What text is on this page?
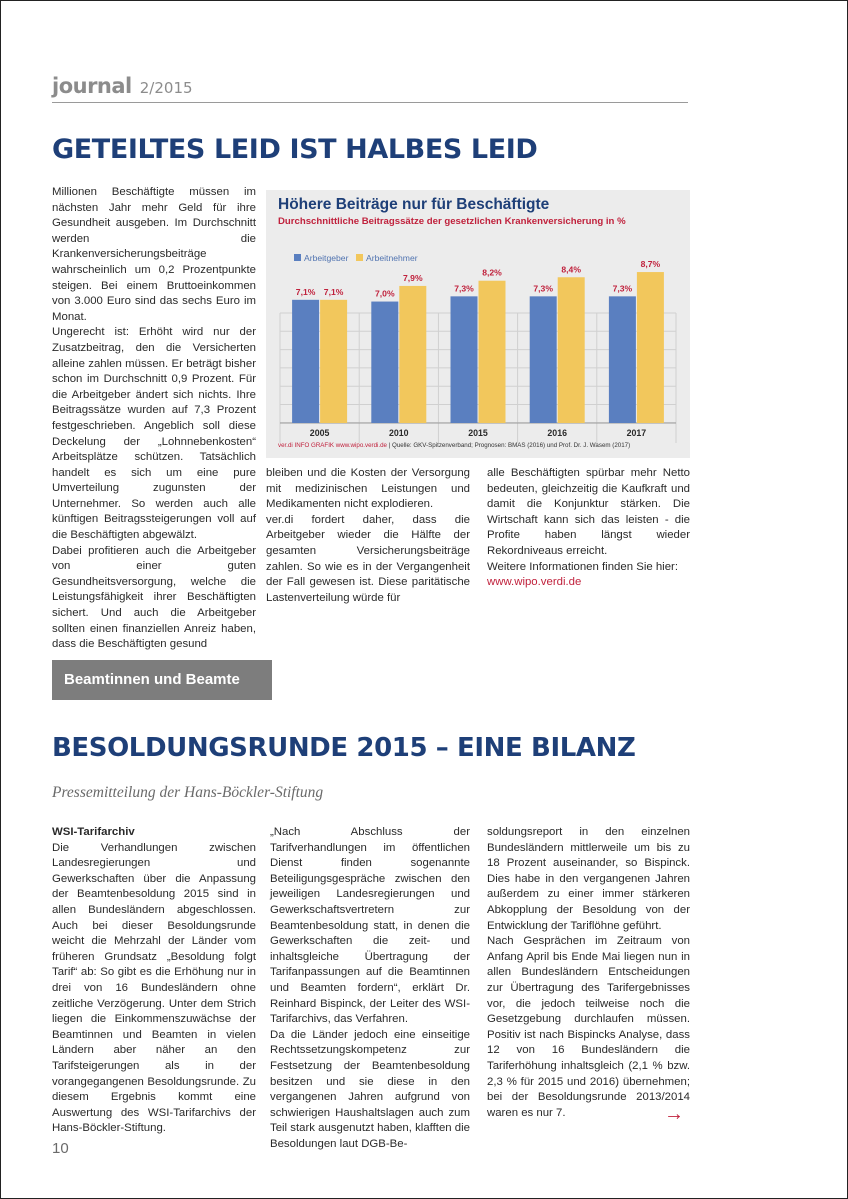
journal 2/2015
GETEILTES LEID IST HALBES LEID

Millionen Beschäftigte müssen im nächsten Jahr mehr Geld für ihre Gesundheit ausgeben. Im Durchschnitt werden die Krankenversicherungsbeiträge wahrscheinlich um 0,2 Prozentpunkte steigen. Bei einem Bruttoeinkommen von 3.000 Euro sind das sechs Euro im Monat.

Ungerecht ist: Erhöht wird nur der Zusatzbeitrag, den die Versicherten alleine zahlen müssen. Er beträgt bisher schon im Durchschnitt 0,9 Prozent. Für die Arbeitgeber ändert sich nichts. Ihre Beitragssätze wurden auf 7,3 Prozent festgeschrieben. Angeblich soll diese Deckelung der „Lohnnebenkosten“ Arbeitsplätze schützen. Tatsächlich handelt es sich um eine pure Umverteilung zugunsten der Unternehmer. So werden auch alle künftigen Beitragssteigerungen voll auf die Beschäftigten abgewälzt.

Dabei profitieren auch die Arbeitgeber von einer guten Gesundheitsversorgung, welche die Leistungsfähigkeit ihrer Beschäftigten sichert. Und auch die Arbeitgeber sollten einen finanziellen Anreiz haben, dass die Beschäftigten gesund

Höhere Beiträge nur für Beschäftigte
Durchschnittliche Beitragssätze der gesetzlichen Krankenversicherung in %
Arbeitgeber	Arbeitnehmer
7,1% 7,1%
2005
7,0%
7,9%
2010
7,3%
8,2%
2015
7,3%
8,4%
2016
7,3%
8,7%
2017
ver.di INFO GRAFIK www.wipo.verdi.de | Quelle: GKV-Spitzenverband; Prognosen: BMAS (2016) und Prof. Dr. J. Wasem (2017)

bleiben und die Kosten der Versorgung mit medizinischen Leistungen und Medikamenten nicht explodieren.

ver.di fordert daher, dass die Arbeitgeber wieder die Hälfte der gesamten Versicherungsbeiträge zahlen. So wie es in der Vergangenheit der Fall gewesen ist. Diese paritätische Lastenverteilung würde für

alle Beschäftigten spürbar mehr Netto bedeuten, gleichzeitig die Kaufkraft und damit die Konjunktur stärken. Die Wirtschaft kann sich das leisten - die Profite haben längst wieder Rekordniveaus erreicht.

Weitere Informationen finden Sie hier:

www.wipo.verdi.de

Beamtinnen und Beamte
BESOLDUNGSRUNDE 2015 – EINE BILANZ
Pressemitteilung der Hans-Böckler-Stiftung

WSI-Tarifarchiv

Die Verhandlungen zwischen Landesregierungen und Gewerkschaften über die Anpassung der Beamtenbesoldung 2015 sind in allen Bundesländern abgeschlossen. Auch bei dieser Besoldungsrunde weicht die Mehrzahl der Länder vom früheren Grundsatz „Besoldung folgt Tarif“ ab: So gibt es die Erhöhung nur in drei von 16 Bundesländern ohne zeitliche Verzögerung. Unter dem Strich liegen die Einkommenszuwächse der Beamtinnen und Beamten in vielen Ländern aber näher an den Tarifsteigerungen als in der vorangegangenen Besoldungsrunde. Zu diesem Ergebnis kommt eine Auswertung des WSI-Tarifarchivs der Hans-Böckler-Stiftung.

„Nach Abschluss der Tarifverhandlungen im öffentlichen Dienst finden sogenannte Beteiligungsgespräche zwischen den jeweiligen Landesregierungen und Gewerkschaftsvertretern zur Beamtenbesoldung statt, in denen die Gewerkschaften die zeit- und inhaltsgleiche Übertragung der Tarifanpassungen auf die Beamtinnen und Beamten fordern“, erklärt Dr. Reinhard Bispinck, der Leiter des WSI-Tarifarchivs, das Verfahren.

Da die Länder jedoch eine einseitige Rechtssetzungskompetenz zur Festsetzung der Beamtenbesoldung besitzen und sie diese in den vergangenen Jahren aufgrund von schwierigen Haushaltslagen auch zum Teil stark ausgenutzt haben, klafften die Besoldungen laut DGB-Be-

soldungsreport in den einzelnen Bundesländern mittlerweile um bis zu 18 Prozent auseinander, so Bispinck. Dies habe in den vergangenen Jahren außerdem zu einer immer stärkeren Abkopplung der Besoldung von der Entwicklung der Tariflöhne geführt.

Nach Gesprächen im Zeitraum von Anfang April bis Ende Mai liegen nun in allen Bundesländern Entscheidungen zur Übertragung des Tarifergebnisses vor, die jedoch teilweise noch die Gesetzgebung durchlaufen müssen. Positiv ist nach Bispincks Analyse, dass 12 von 16 Bundesländern die Tariferhöhung inhaltsgleich (2,1 % bzw. 2,3 % für 2015 und 2016) übernehmen; bei der Besoldungsrunde 2013/2014 waren es nur 7.	→
10
